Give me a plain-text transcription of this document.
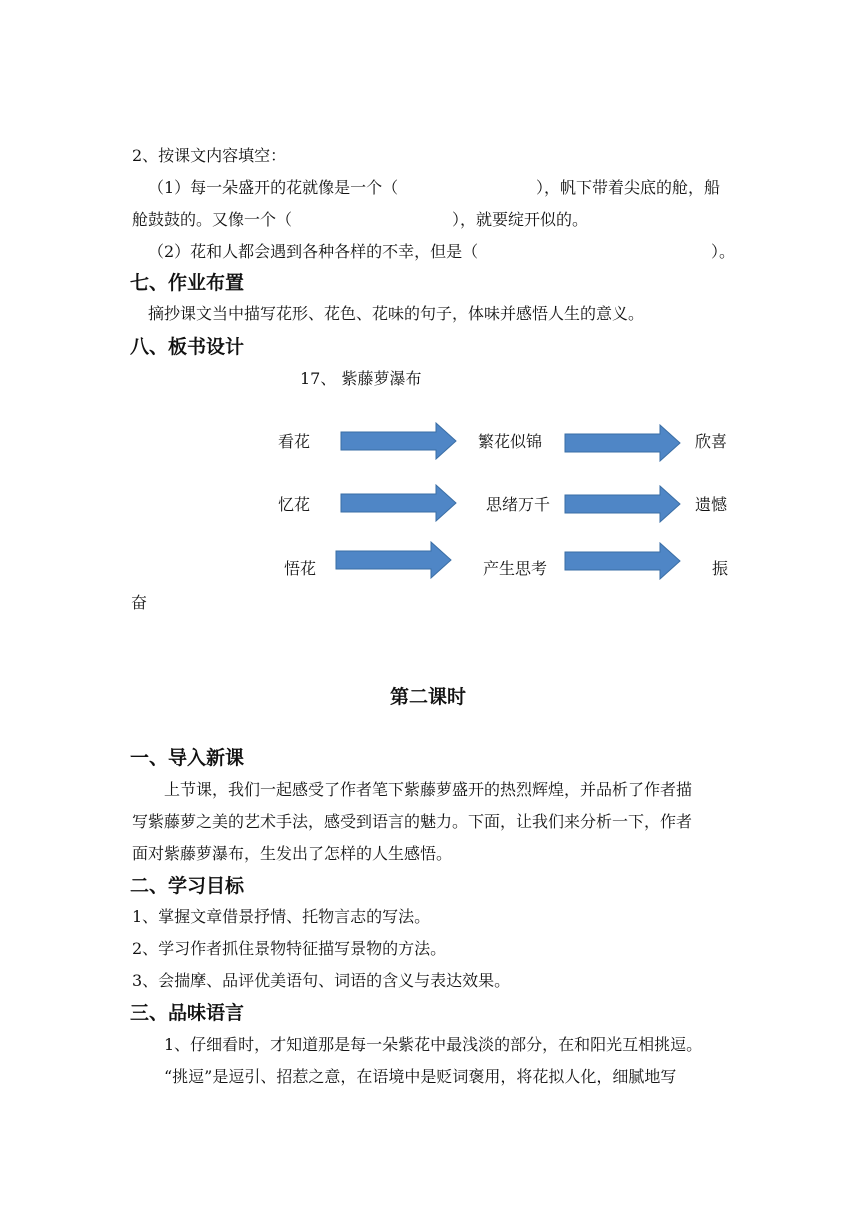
2、按课文内容填空：
（1）每一朵盛开的花就像是一个（	），帆下带着尖底的舱，船
舱鼓鼓的。又像一个（	），就要绽开似的。
（2）花和人都会遇到各种各样的不幸，但是（	）。
七、作业布置
摘抄课文当中描写花形、花色、花味的句子，体味并感悟人生的意义。
八、板书设计
17、 紫藤萝瀑布
看花	繁花似锦	欣喜
忆花	思绪万千	遗憾
悟花	产生思考	振
奋
第二课时
一、导入新课
上节课，我们一起感受了作者笔下紫藤萝盛开的热烈辉煌，并品析了作者描
写紫藤萝之美的艺术手法，感受到语言的魅力。下面，让我们来分析一下，作者
面对紫藤萝瀑布，生发出了怎样的人生感悟。
二、学习目标
1、掌握文章借景抒情、托物言志的写法。
2、学习作者抓住景物特征描写景物的方法。
3、会揣摩、品评优美语句、词语的含义与表达效果。
三、品味语言
1、仔细看时，才知道那是每一朵紫花中最浅淡的部分，在和阳光互相挑逗。
“挑逗”是逗引、招惹之意，在语境中是贬词褒用，将花拟人化，细腻地写
